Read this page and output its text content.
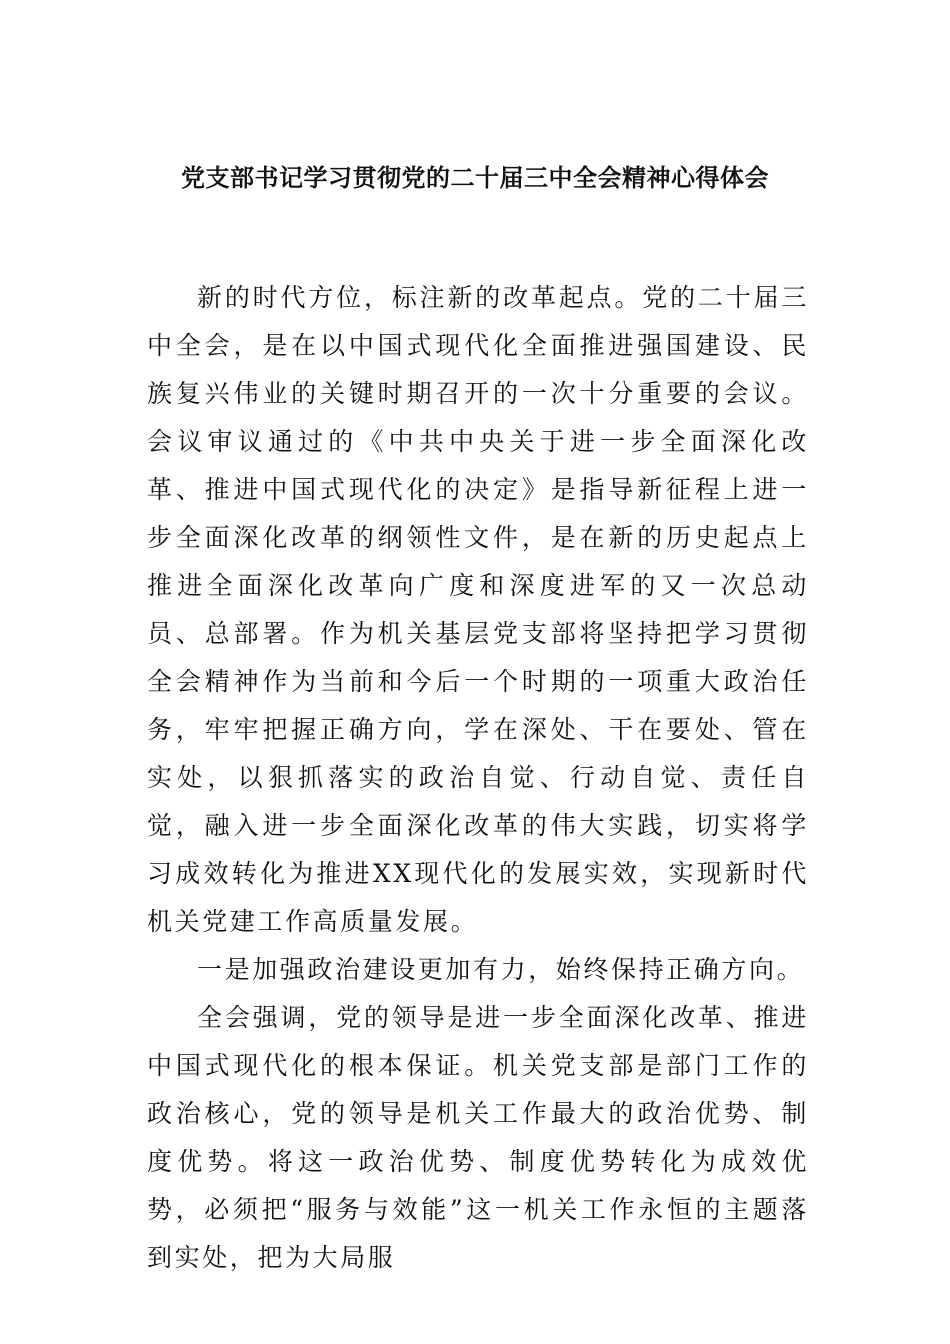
党支部书记学习贯彻党的二十届三中全会精神心得体会

新的时代方位，标注新的改革起点。党的二十届三中全会，是在以中国式现代化全面推进强国建设、民族复兴伟业的关键时期召开的一次十分重要的会议。会议审议通过的《中共中央关于进一步全面深化改革、推进中国式现代化的决定》是指导新征程上进一步全面深化改革的纲领性文件，是在新的历史起点上推进全面深化改革向广度和深度进军的又一次总动员、总部署。作为机关基层党支部将坚持把学习贯彻全会精神作为当前和今后一个时期的一项重大政治任务，牢牢把握正确方向，学在深处、干在要处、管在实处，以狠抓落实的政治自觉、行动自觉、责任自觉，融入进一步全面深化改革的伟大实践，切实将学习成效转化为推进XX现代化的发展实效，实现新时代机关党建工作高质量发展。

一是加强政治建设更加有力，始终保持正确方向。

全会强调，党的领导是进一步全面深化改革、推进中国式现代化的根本保证。机关党支部是部门工作的政治核心，党的领导是机关工作最大的政治优势、制度优势。将这一政治优势、制度优势转化为成效优势，必须把“服务与效能”这一机关工作永恒的主题落到实处，把为大局服
